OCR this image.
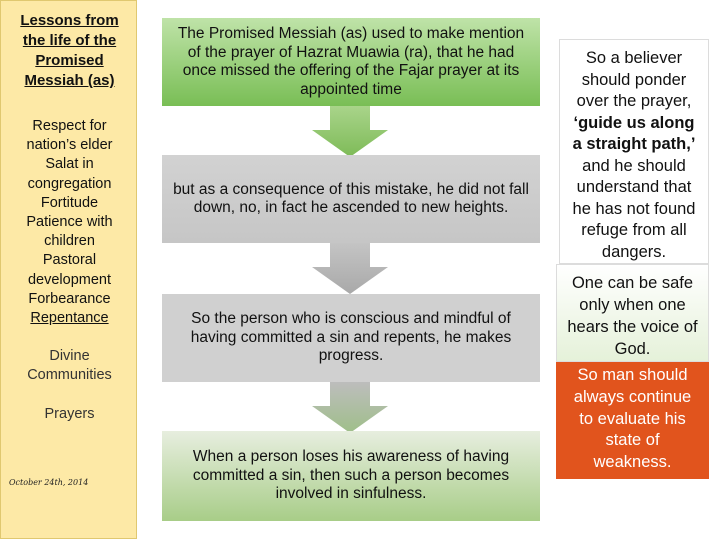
Lessons from
the life of the
Promised
Messiah (as)
Respect for
nation’s elder
Salat in
congregation
Fortitude
Patience with
children
Pastoral
development
Forbearance
Repentance
Divine
Communities
Prayers
October 24th, 2014
The Promised Messiah (as) used to make mention of the prayer of Hazrat Muawia (ra), that he had once missed the offering of the Fajar prayer at its appointed time
but as a consequence of this mistake, he did not fall down, no, in fact he ascended to new heights.
So the person who is conscious and mindful of having committed a sin and repents, he makes progress.
When a person loses his awareness of having committed a sin, then such a person becomes involved in sinfulness.
So a believer
should ponder
over the prayer,
‘guide us along
a straight path,’
and he should
understand that
he has not found
refuge from all
dangers.
One can be safe
only when one
hears the voice of
God.
So man should
always continue
to evaluate his
state of
weakness.
